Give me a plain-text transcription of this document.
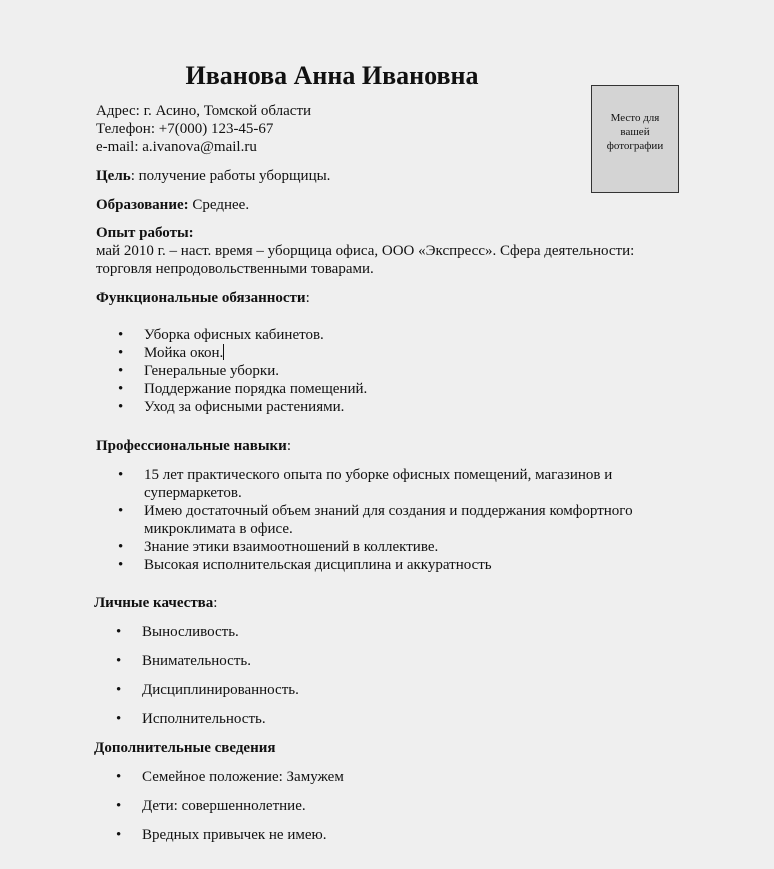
Иванова Анна Ивановна
Место для вашей фотографии
Адрес: г. Асино, Томской области
Телефон: +7(000) 123-45-67
e-mail: a.ivanova@mail.ru
Цель: получение работы уборщицы.
Образование: Среднее.
Опыт работы:
май 2010 г. – наст. время – уборщица офиса, ООО «Экспресс». Сфера деятельности: торговля непродовольственными товарами.
Функциональные обязанности:
• Уборка офисных кабинетов.
• Мойка окон.
• Генеральные уборки.
• Поддержание порядка помещений.
• Уход за офисными растениями.
Профессиональные навыки:
• 15 лет практического опыта по уборке офисных помещений, магазинов и супермаркетов.
• Имею достаточный объем знаний для создания и поддержания комфортного микроклимата в офисе.
• Знание этики взаимоотношений в коллективе.
• Высокая исполнительская дисциплина и аккуратность
Личные качества:
• Выносливость.
• Внимательность.
• Дисциплинированность.
• Исполнительность.
Дополнительные сведения
• Семейное положение: Замужем
• Дети: совершеннолетние.
• Вредных привычек не имею.
